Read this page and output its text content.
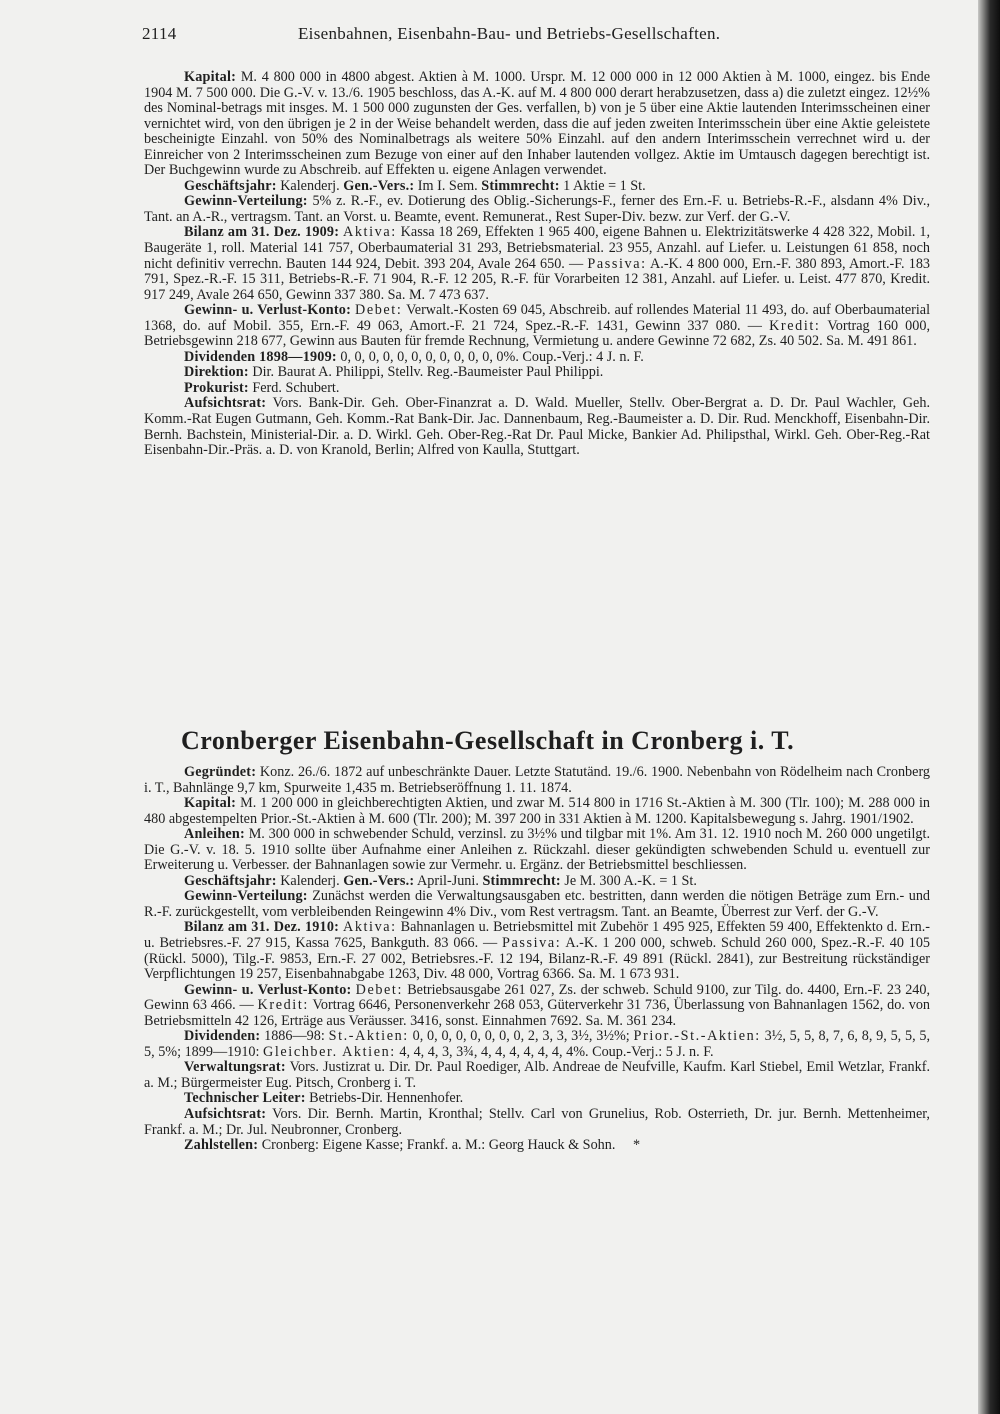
2114	Eisenbahnen, Eisenbahn-Bau- und Betriebs-Gesellschaften.

Kapital: M. 4 800 000 in 4800 abgest. Aktien à M. 1000. Urspr. M. 12 000 000 in 12 000 Aktien à M. 1000, eingez. bis Ende 1904 M. 7 500 000. Die G.-V. v. 13./6. 1905 beschloss, das A.-K. auf M. 4 800 000 derart herabzusetzen, dass a) die zuletzt eingez. 12½% des Nominal-betrags mit insges. M. 1 500 000 zugunsten der Ges. verfallen, b) von je 5 über eine Aktie lautenden Interimsscheinen einer vernichtet wird, von den übrigen je 2 in der Weise behandelt werden, dass die auf jeden zweiten Interimsschein über eine Aktie geleistete bescheinigte Einzahl. von 50% des Nominalbetrags als weitere 50% Einzahl. auf den andern Interimsschein verrechnet wird u. der Einreicher von 2 Interimsscheinen zum Bezuge von einer auf den Inhaber lautenden vollgez. Aktie im Umtausch dagegen berechtigt ist. Der Buchgewinn wurde zu Abschreib. auf Effekten u. eigene Anlagen verwendet.

Geschäftsjahr: Kalenderj. Gen.-Vers.: Im I. Sem. Stimmrecht: 1 Aktie = 1 St.

Gewinn-Verteilung: 5% z. R.-F., ev. Dotierung des Oblig.-Sicherungs-F., ferner des Ern.-F. u. Betriebs-R.-F., alsdann 4% Div., Tant. an A.-R., vertragsm. Tant. an Vorst. u. Beamte, event. Remunerat., Rest Super-Div. bezw. zur Verf. der G.-V.

Bilanz am 31. Dez. 1909: Aktiva: Kassa 18 269, Effekten 1 965 400, eigene Bahnen u. Elektrizitätswerke 4 428 322, Mobil. 1, Baugeräte 1, roll. Material 141 757, Oberbaumaterial 31 293, Betriebsmaterial. 23 955, Anzahl. auf Liefer. u. Leistungen 61 858, noch nicht definitiv verrechn. Bauten 144 924, Debit. 393 204, Avale 264 650. — Passiva: A.-K. 4 800 000, Ern.-F. 380 893, Amort.-F. 183 791, Spez.-R.-F. 15 311, Betriebs-R.-F. 71 904, R.-F. 12 205, R.-F. für Vorarbeiten 12 381, Anzahl. auf Liefer. u. Leist. 477 870, Kredit. 917 249, Avale 264 650, Gewinn 337 380. Sa. M. 7 473 637.

Gewinn- u. Verlust-Konto: Debet: Verwalt.-Kosten 69 045, Abschreib. auf rollendes Material 11 493, do. auf Oberbaumaterial 1368, do. auf Mobil. 355, Ern.-F. 49 063, Amort.-F. 21 724, Spez.-R.-F. 1431, Gewinn 337 080. — Kredit: Vortrag 160 000, Betriebsgewinn 218 677, Gewinn aus Bauten für fremde Rechnung, Vermietung u. andere Gewinne 72 682, Zs. 40 502. Sa. M. 491 861.

Dividenden 1898—1909: 0, 0, 0, 0, 0, 0, 0, 0, 0, 0, 0, 0%. Coup.-Verj.: 4 J. n. F.

Direktion: Dir. Baurat A. Philippi, Stellv. Reg.-Baumeister Paul Philippi.

Prokurist: Ferd. Schubert.

Aufsichtsrat: Vors. Bank-Dir. Geh. Ober-Finanzrat a. D. Wald. Mueller, Stellv. Ober-Bergrat a. D. Dr. Paul Wachler, Geh. Komm.-Rat Eugen Gutmann, Geh. Komm.-Rat Bank-Dir. Jac. Dannenbaum, Reg.-Baumeister a. D. Dir. Rud. Menckhoff, Eisenbahn-Dir. Bernh. Bachstein, Ministerial-Dir. a. D. Wirkl. Geh. Ober-Reg.-Rat Dr. Paul Micke, Bankier Ad. Philipsthal, Wirkl. Geh. Ober-Reg.-Rat Eisenbahn-Dir.-Präs. a. D. von Kranold, Berlin; Alfred von Kaulla, Stuttgart.

Cronberger Eisenbahn-Gesellschaft in Cronberg i. T.

Gegründet: Konz. 26./6. 1872 auf unbeschränkte Dauer. Letzte Statutänd. 19./6. 1900. Nebenbahn von Rödelheim nach Cronberg i. T., Bahnlänge 9,7 km, Spurweite 1,435 m. Betriebseröffnung 1. 11. 1874.

Kapital: M. 1 200 000 in gleichberechtigten Aktien, und zwar M. 514 800 in 1716 St.-Aktien à M. 300 (Tlr. 100); M. 288 000 in 480 abgestempelten Prior.-St.-Aktien à M. 600 (Tlr. 200); M. 397 200 in 331 Aktien à M. 1200. Kapitalsbewegung s. Jahrg. 1901/1902.

Anleihen: M. 300 000 in schwebender Schuld, verzinsl. zu 3½% und tilgbar mit 1%. Am 31. 12. 1910 noch M. 260 000 ungetilgt. Die G.-V. v. 18. 5. 1910 sollte über Aufnahme einer Anleihen z. Rückzahl. dieser gekündigten schwebenden Schuld u. eventuell zur Erweiterung u. Verbesser. der Bahnanlagen sowie zur Vermehr. u. Ergänz. der Betriebsmittel beschliessen.

Geschäftsjahr: Kalenderj. Gen.-Vers.: April-Juni. Stimmrecht: Je M. 300 A.-K. = 1 St.

Gewinn-Verteilung: Zunächst werden die Verwaltungsausgaben etc. bestritten, dann werden die nötigen Beträge zum Ern.- und R.-F. zurückgestellt, vom verbleibenden Reingewinn 4% Div., vom Rest vertragsm. Tant. an Beamte, Überrest zur Verf. der G.-V.

Bilanz am 31. Dez. 1910: Aktiva: Bahnanlagen u. Betriebsmittel mit Zubehör 1 495 925, Effekten 59 400, Effektenkto d. Ern.- u. Betriebsres.-F. 27 915, Kassa 7625, Bankguth. 83 066. — Passiva: A.-K. 1 200 000, schweb. Schuld 260 000, Spez.-R.-F. 40 105 (Rückl. 5000), Tilg.-F. 9853, Ern.-F. 27 002, Betriebsres.-F. 12 194, Bilanz-R.-F. 49 891 (Rückl. 2841), zur Bestreitung rückständiger Verpflichtungen 19 257, Eisenbahnabgabe 1263, Div. 48 000, Vortrag 6366. Sa. M. 1 673 931.

Gewinn- u. Verlust-Konto: Debet: Betriebsausgabe 261 027, Zs. der schweb. Schuld 9100, zur Tilg. do. 4400, Ern.-F. 23 240, Gewinn 63 466. — Kredit: Vortrag 6646, Personenverkehr 268 053, Güterverkehr 31 736, Überlassung von Bahnanlagen 1562, do. von Betriebsmitteln 42 126, Erträge aus Veräusser. 3416, sonst. Einnahmen 7692. Sa. M. 361 234.

Dividenden: 1886—98: St.-Aktien: 0, 0, 0, 0, 0, 0, 0, 0, 2, 3, 3, 3½, 3½%; Prior.-St.-Aktien: 3½, 5, 5, 8, 7, 6, 8, 9, 5, 5, 5, 5, 5%; 1899—1910: Gleichber. Aktien: 4, 4, 4, 3, 3¾, 4, 4, 4, 4, 4, 4, 4%. Coup.-Verj.: 5 J. n. F.

Verwaltungsrat: Vors. Justizrat u. Dir. Dr. Paul Roediger, Alb. Andreae de Neufville, Kaufm. Karl Stiebel, Emil Wetzlar, Frankf. a. M.; Bürgermeister Eug. Pitsch, Cronberg i. T.

Technischer Leiter: Betriebs-Dir. Hennenhofer.

Aufsichtsrat: Vors. Dir. Bernh. Martin, Kronthal; Stellv. Carl von Grunelius, Rob. Osterrieth, Dr. jur. Bernh. Mettenheimer, Frankf. a. M.; Dr. Jul. Neubronner, Cronberg.

Zahlstellen: Cronberg: Eigene Kasse; Frankf. a. M.: Georg Hauck & Sohn. *
